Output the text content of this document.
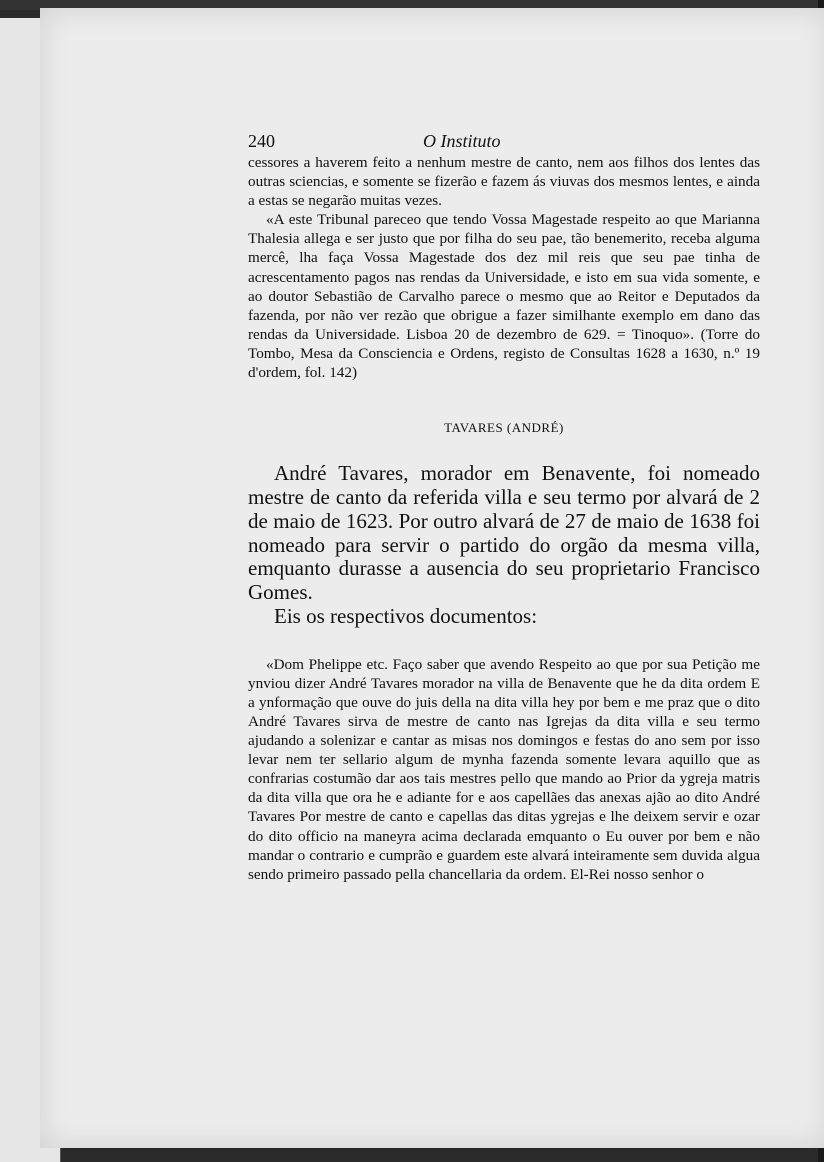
240	O Instituto

cessores a haverem feito a nenhum mestre de canto, nem aos filhos dos lentes das outras sciencias, e somente se fizerão e fazem ás viuvas dos mesmos lentes, e ainda a estas se negarão muitas vezes.

«A este Tribunal pareceo que tendo Vossa Magestade respeito ao que Marianna Thalesia allega e ser justo que por filha do seu pae, tão benemerito, receba alguma mercê, lha faça Vossa Magestade dos dez mil reis que seu pae tinha de acrescentamento pagos nas rendas da Universidade, e isto em sua vida somente, e ao doutor Sebastião de Carvalho parece o mesmo que ao Reitor e Deputados da fazenda, por não ver rezão que obrigue a fazer similhante exemplo em dano das rendas da Universidade. Lisboa 20 de dezembro de 629. = Tinoquo». (Torre do Tombo, Mesa da Consciencia e Ordens, registo de Consultas 1628 a 1630, n.º 19 d'ordem, fol. 142)

TAVARES (ANDRÉ)

André Tavares, morador em Benavente, foi nomeado mestre de canto da referida villa e seu termo por alvará de 2 de maio de 1623. Por outro alvará de 27 de maio de 1638 foi nomeado para servir o partido do orgão da mesma villa, emquanto durasse a ausencia do seu proprietario Francisco Gomes.

Eis os respectivos documentos:

«Dom Phelippe etc. Faço saber que avendo Respeito ao que por sua Petição me ynviou dizer André Tavares morador na villa de Benavente que he da dita ordem E a ynformação que ouve do juis della na dita villa hey por bem e me praz que o dito André Tavares sirva de mestre de canto nas Igrejas da dita villa e seu termo ajudando a solenizar e cantar as misas nos domingos e festas do ano sem por isso levar nem ter sellario algum de mynha fazenda somente levara aquillo que as confrarias costumão dar aos tais mestres pello que mando ao Prior da ygreja matris da dita villa que ora he e adiante for e aos capellães das anexas ajão ao dito André Tavares Por mestre de canto e capellas das ditas ygrejas e lhe deixem servir e ozar do dito officio na maneyra acima declarada emquanto o Eu ouver por bem e não mandar o contrario e cumprão e guardem este alvará inteiramente sem duvida algua sendo primeiro passado pella chancellaria da ordem. El-Rei nosso senhor o
